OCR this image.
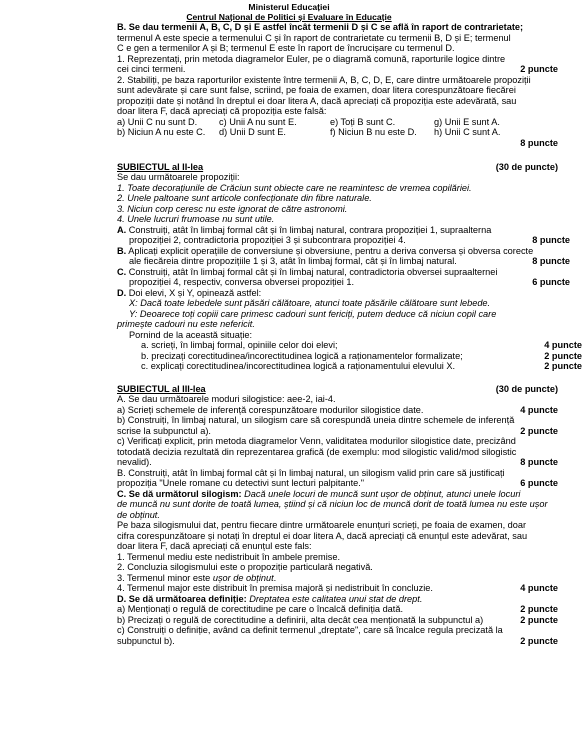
Ministerul Educației
Centrul Național de Politici și Evaluare în Educație
B. Se dau termenii A, B, C, D și E astfel încât termenii D și C se află în raport de contrarietate;
termenul A este specie a termenului C și în raport de contrarietate cu termenii B, D și E; termenul
C e gen a termenilor A și B; termenul E este în raport de încrucișare cu termenul D.
1. Reprezentați, prin metoda diagramelor Euler, pe o diagramă comună, raporturile logice dintre
cei cinci termeni.	2 puncte
2. Stabiliți, pe baza raporturilor existente între termenii A, B, C, D, E, care dintre următoarele propoziții
sunt adevărate și care sunt false, scriind, pe foaia de examen, doar litera corespunzătoare fiecărei
propoziții date și notând în dreptul ei doar litera A, dacă apreciați că propoziția este adevărată, sau
doar litera F, dacă apreciați că propoziția este falsă:
a) Unii C nu sunt D.	c) Unii A nu sunt E.	e) Toți B sunt C.	g) Unii E sunt A.
b) Niciun A nu este C.	d) Unii D sunt E.	f) Niciun B nu este D.	h) Unii C sunt A.
8 puncte
SUBIECTUL al II-lea	(30 de puncte)
Se dau următoarele propoziții:
1. Toate decorațiunile de Crăciun sunt obiecte care ne reamintesc de vremea copilăriei.
2. Unele paltoane sunt articole confecționate din fibre naturale.
3. Niciun corp ceresc nu este ignorat de către astronomi.
4. Unele lucruri frumoase nu sunt utile.
A. Construiți, atât în limbaj formal cât și în limbaj natural, contrara propoziției 1, supraalterna
propoziției 2, contradictoria propoziției 3 și subcontrara propoziției 4.	8 puncte
B. Aplicați explicit operațiile de conversiune și obversiune, pentru a deriva conversa și obversa corecte
ale fiecăreia dintre propozițiile 1 și 3, atât în limbaj formal, cât și în limbaj natural.	8 puncte
C. Construiți, atât în limbaj formal cât și în limbaj natural, contradictoria obversei supraalternei
propoziției 4, respectiv, conversa obversei propoziției 1.	6 puncte
D. Doi elevi, X și Y, opinează astfel:
X: Dacă toate lebedele sunt păsări călătoare, atunci toate păsările călătoare sunt lebede.
Y: Deoarece toți copiii care primesc cadouri sunt fericiți, putem deduce că niciun copil care
primește cadouri nu este nefericit.
Pornind de la această situație:
a. scrieți, în limbaj formal, opiniile celor doi elevi;	4 puncte
b. precizați corectitudinea/incorectitudinea logică a raționamentelor formalizate;	2 puncte
c. explicați corectitudinea/incorectitudinea logică a raționamentului elevului X.	2 puncte
SUBIECTUL al III-lea	(30 de puncte)
A. Se dau următoarele moduri silogistice: aee-2, iai-4.
a) Scrieți schemele de inferență corespunzătoare modurilor silogistice date.	4 puncte
b) Construiți, în limbaj natural, un silogism care să corespundă uneia dintre schemele de inferență
scrise la subpunctul a).	2 puncte
c) Verificați explicit, prin metoda diagramelor Venn, validitatea modurilor silogistice date, precizând
totodată decizia rezultată din reprezentarea grafică (de exemplu: mod silogistic valid/mod silogistic
nevalid).	8 puncte
B. Construiți, atât în limbaj formal cât și în limbaj natural, un silogism valid prin care să justificați
propoziția "Unele romane cu detectivi sunt lecturi palpitante."	6 puncte
C. Se dă următorul silogism: Dacă unele locuri de muncă sunt ușor de obținut, atunci unele locuri
de muncă nu sunt dorite de toată lumea, știind și că niciun loc de muncă dorit de toată lumea nu este ușor
de obținut.
Pe baza silogismului dat, pentru fiecare dintre următoarele enunțuri scrieți, pe foaia de examen, doar
cifra corespunzătoare și notați în dreptul ei doar litera A, dacă apreciați că enunțul este adevărat, sau
doar litera F, dacă apreciați că enunțul este fals:
1. Termenul mediu este nedistribuit în ambele premise.
2. Concluzia silogismului este o propoziție particulară negativă.
3. Termenul minor este ușor de obținut.
4. Termenul major este distribuit în premisa majoră și nedistribuit în concluzie.	4 puncte
D. Se dă următoarea definiție: Dreptatea este calitatea unui stat de drept.
a) Menționați o regulă de corectitudine pe care o încalcă definiția dată.	2 puncte
b) Precizați o regulă de corectitudine a definirii, alta decât cea menționată la subpunctul a)	2 puncte
c) Construiți o definiție, având ca definit termenul „dreptate", care să încalce regula precizată la
subpunctul b).	2 puncte
